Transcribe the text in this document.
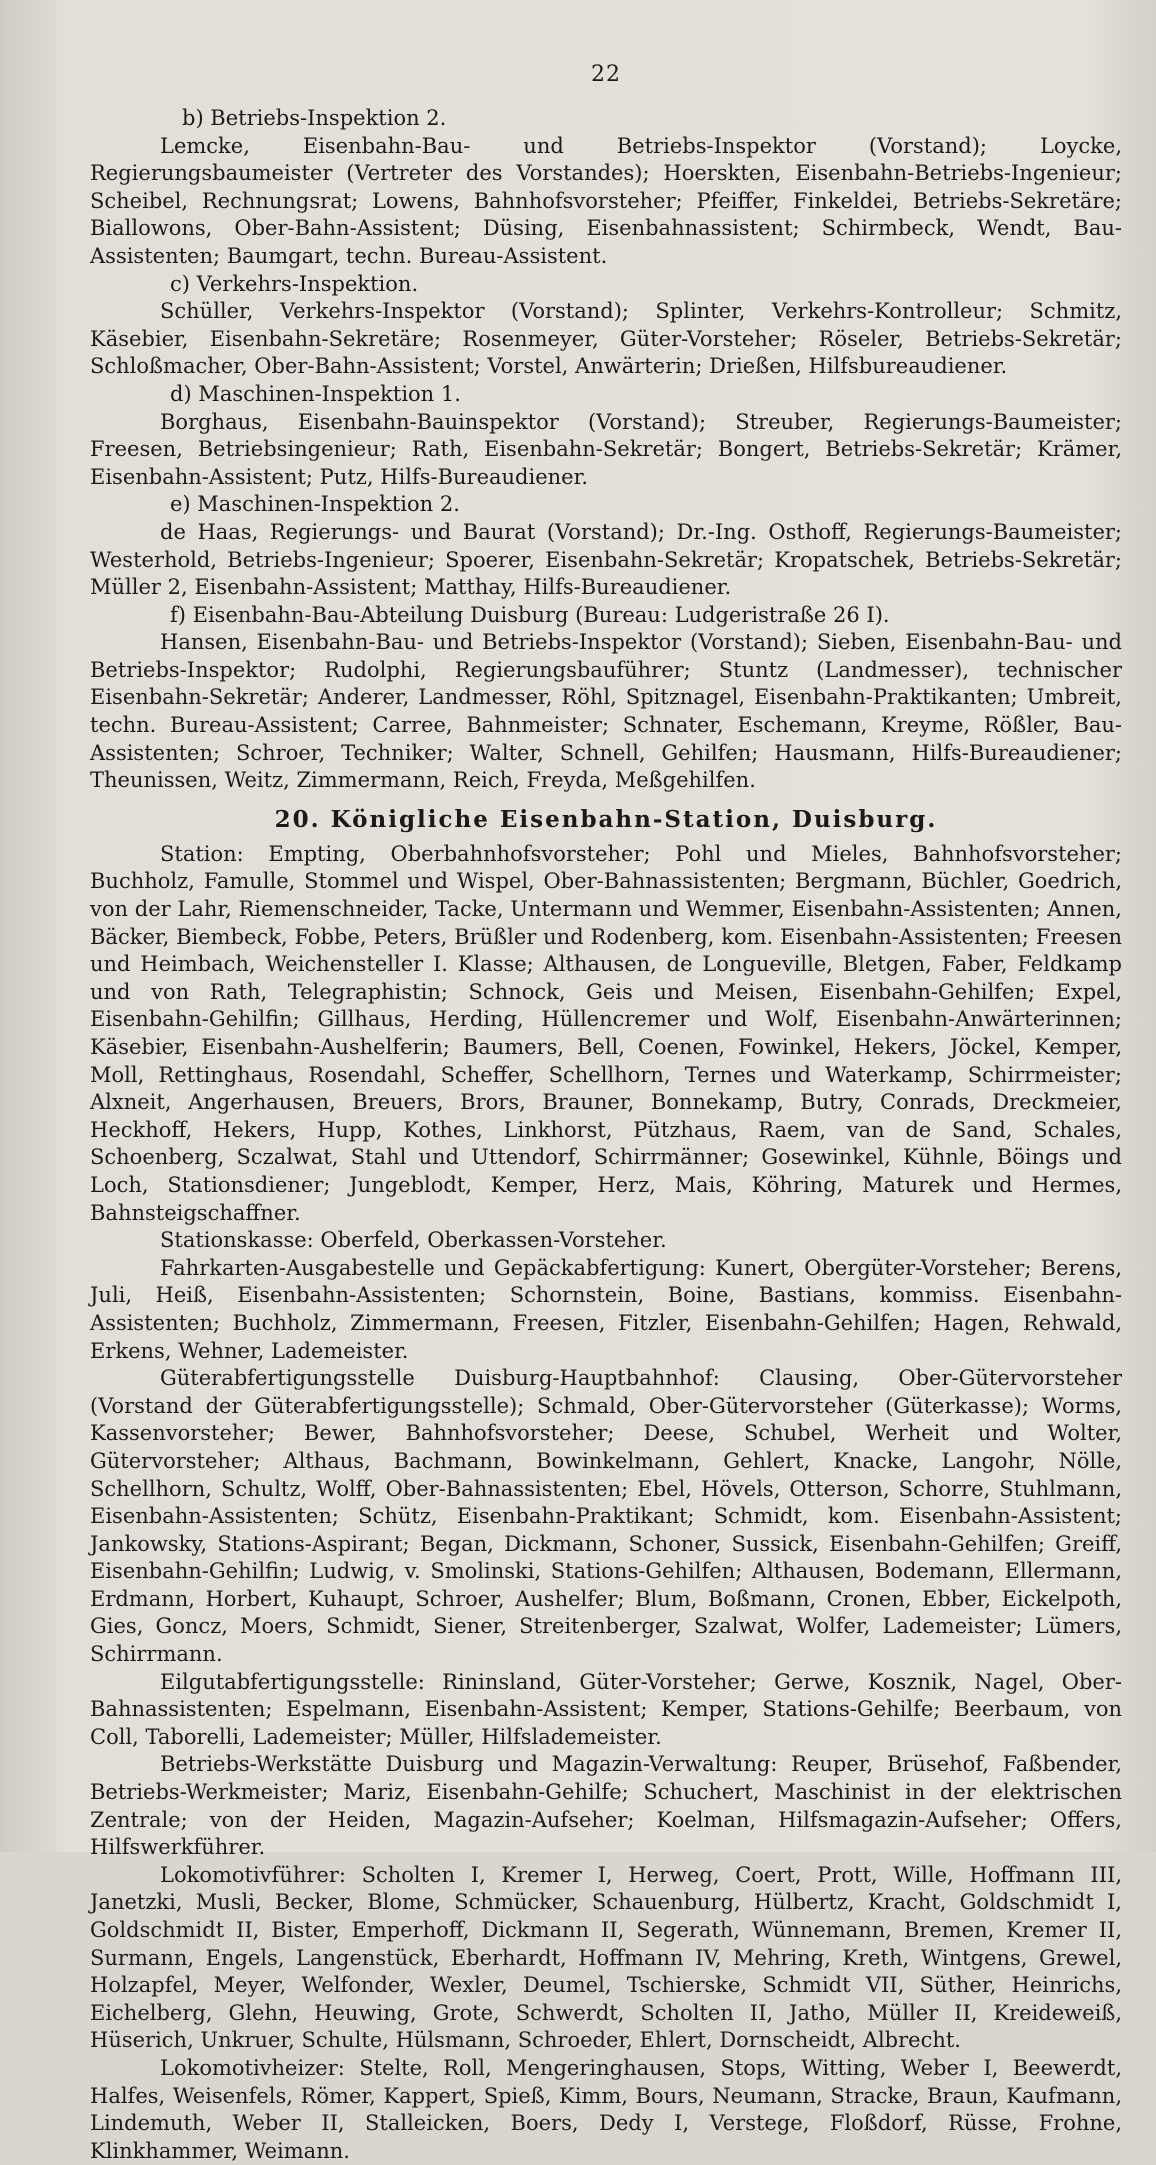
22

b) Betriebs-Inspektion 2.

Lemcke, Eisenbahn-Bau- und Betriebs-Inspektor (Vorstand); Loycke, Regierungsbaumeister (Vertreter des Vorstandes); Hoerskten, Eisenbahn-Betriebs-Ingenieur; Scheibel, Rechnungsrat; Lowens, Bahnhofsvorsteher; Pfeiffer, Finkeldei, Betriebs-Sekretäre; Biallowons, Ober-Bahn-Assistent; Düsing, Eisenbahnassistent; Schirmbeck, Wendt, Bau-Assistenten; Baumgart, techn. Bureau-Assistent.

c) Verkehrs-Inspektion.

Schüller, Verkehrs-Inspektor (Vorstand); Splinter, Verkehrs-Kontrolleur; Schmitz, Käsebier, Eisenbahn-Sekretäre; Rosenmeyer, Güter-Vorsteher; Röseler, Betriebs-Sekretär; Schloßmacher, Ober-Bahn-Assistent; Vorstel, Anwärterin; Drießen, Hilfsbureaudiener.

d) Maschinen-Inspektion 1.

Borghaus, Eisenbahn-Bauinspektor (Vorstand); Streuber, Regierungs-Baumeister; Freesen, Betriebsingenieur; Rath, Eisenbahn-Sekretär; Bongert, Betriebs-Sekretär; Krämer, Eisenbahn-Assistent; Putz, Hilfs-Bureaudiener.

e) Maschinen-Inspektion 2.

de Haas, Regierungs- und Baurat (Vorstand); Dr.-Ing. Osthoff, Regierungs-Baumeister; Westerhold, Betriebs-Ingenieur; Spoerer, Eisenbahn-Sekretär; Kropatschek, Betriebs-Sekretär; Müller 2, Eisenbahn-Assistent; Matthay, Hilfs-Bureaudiener.

f) Eisenbahn-Bau-Abteilung Duisburg (Bureau: Ludgeristraße 26 I).

Hansen, Eisenbahn-Bau- und Betriebs-Inspektor (Vorstand); Sieben, Eisenbahn-Bau- und Betriebs-Inspektor; Rudolphi, Regierungsbauführer; Stuntz (Landmesser), technischer Eisenbahn-Sekretär; Anderer, Landmesser, Röhl, Spitznagel, Eisenbahn-Praktikanten; Umbreit, techn. Bureau-Assistent; Carree, Bahnmeister; Schnater, Eschemann, Kreyme, Rößler, Bau-Assistenten; Schroer, Techniker; Walter, Schnell, Gehilfen; Hausmann, Hilfs-Bureaudiener; Theunissen, Weitz, Zimmermann, Reich, Freyda, Meßgehilfen.

20. Königliche Eisenbahn-Station, Duisburg.

Station: Empting, Oberbahnhofsvorsteher; Pohl und Mieles, Bahnhofsvorsteher; Buchholz, Famulle, Stommel und Wispel, Ober-Bahnassistenten; Bergmann, Büchler, Goedrich, von der Lahr, Riemenschneider, Tacke, Untermann und Wemmer, Eisenbahn-Assistenten; Annen, Bäcker, Biembeck, Fobbe, Peters, Brüßler und Rodenberg, kom. Eisenbahn-Assistenten; Freesen und Heimbach, Weichensteller I. Klasse; Althausen, de Longueville, Bletgen, Faber, Feldkamp und von Rath, Telegraphistin; Schnock, Geis und Meisen, Eisenbahn-Gehilfen; Expel, Eisenbahn-Gehilfin; Gillhaus, Herding, Hüllencremer und Wolf, Eisenbahn-Anwärterinnen; Käsebier, Eisenbahn-Aushelferin; Baumers, Bell, Coenen, Fowinkel, Hekers, Jöckel, Kemper, Moll, Rettinghaus, Rosendahl, Scheffer, Schellhorn, Ternes und Waterkamp, Schirrmeister; Alxneit, Angerhausen, Breuers, Brors, Brauner, Bonnekamp, Butry, Conrads, Dreckmeier, Heckhoff, Hekers, Hupp, Kothes, Linkhorst, Pützhaus, Raem, van de Sand, Schales, Schoenberg, Sczalwat, Stahl und Uttendorf, Schirrmänner; Gosewinkel, Kühnle, Böings und Loch, Stationsdiener; Jungeblodt, Kemper, Herz, Mais, Köhring, Maturek und Hermes, Bahnsteigschaffner.

Stationskasse: Oberfeld, Oberkassen-Vorsteher.

Fahrkarten-Ausgabestelle und Gepäckabfertigung: Kunert, Obergüter-Vorsteher; Berens, Juli, Heiß, Eisenbahn-Assistenten; Schornstein, Boine, Bastians, kommiss. Eisenbahn-Assistenten; Buchholz, Zimmermann, Freesen, Fitzler, Eisenbahn-Gehilfen; Hagen, Rehwald, Erkens, Wehner, Lademeister.

Güterabfertigungsstelle Duisburg-Hauptbahnhof: Clausing, Ober-Gütervorsteher (Vorstand der Güterabfertigungsstelle); Schmald, Ober-Gütervorsteher (Güterkasse); Worms, Kassenvorsteher; Bewer, Bahnhofsvorsteher; Deese, Schubel, Werheit und Wolter, Gütervorsteher; Althaus, Bachmann, Bowinkelmann, Gehlert, Knacke, Langohr, Nölle, Schellhorn, Schultz, Wolff, Ober-Bahnassistenten; Ebel, Hövels, Otterson, Schorre, Stuhlmann, Eisenbahn-Assistenten; Schütz, Eisenbahn-Praktikant; Schmidt, kom. Eisenbahn-Assistent; Jankowsky, Stations-Aspirant; Began, Dickmann, Schoner, Sussick, Eisenbahn-Gehilfen; Greiff, Eisenbahn-Gehilfin; Ludwig, v. Smolinski, Stations-Gehilfen; Althausen, Bodemann, Ellermann, Erdmann, Horbert, Kuhaupt, Schroer, Aushelfer; Blum, Boßmann, Cronen, Ebber, Eickelpoth, Gies, Goncz, Moers, Schmidt, Siener, Streitenberger, Szalwat, Wolfer, Lademeister; Lümers, Schirrmann.

Eilgutabfertigungsstelle: Rininsland, Güter-Vorsteher; Gerwe, Kosznik, Nagel, Ober-Bahnassistenten; Espelmann, Eisenbahn-Assistent; Kemper, Stations-Gehilfe; Beerbaum, von Coll, Taborelli, Lademeister; Müller, Hilfslademeister.

Betriebs-Werkstätte Duisburg und Magazin-Verwaltung: Reuper, Brüsehof, Faßbender, Betriebs-Werkmeister; Mariz, Eisenbahn-Gehilfe; Schuchert, Maschinist in der elektrischen Zentrale; von der Heiden, Magazin-Aufseher; Koelman, Hilfsmagazin-Aufseher; Offers, Hilfswerkführer.

Lokomotivführer: Scholten I, Kremer I, Herweg, Coert, Prott, Wille, Hoffmann III, Janetzki, Musli, Becker, Blome, Schmücker, Schauenburg, Hülbertz, Kracht, Goldschmidt I, Goldschmidt II, Bister, Emperhoff, Dickmann II, Segerath, Wünnemann, Bremen, Kremer II, Surmann, Engels, Langenstück, Eberhardt, Hoffmann IV, Mehring, Kreth, Wintgens, Grewel, Holzapfel, Meyer, Welfonder, Wexler, Deumel, Tschierske, Schmidt VII, Süther, Heinrichs, Eichelberg, Glehn, Heuwing, Grote, Schwerdt, Scholten II, Jatho, Müller II, Kreideweiß, Hüserich, Unkruer, Schulte, Hülsmann, Schroeder, Ehlert, Dornscheidt, Albrecht.

Lokomotivheizer: Stelte, Roll, Mengeringhausen, Stops, Witting, Weber I, Beewerdt, Halfes, Weisenfels, Römer, Kappert, Spieß, Kimm, Bours, Neumann, Stracke, Braun, Kaufmann, Lindemuth, Weber II, Stalleicken, Boers, Dedy I, Verstege, Floßdorf, Rüsse, Frohne, Klinkhammer, Weimann.
